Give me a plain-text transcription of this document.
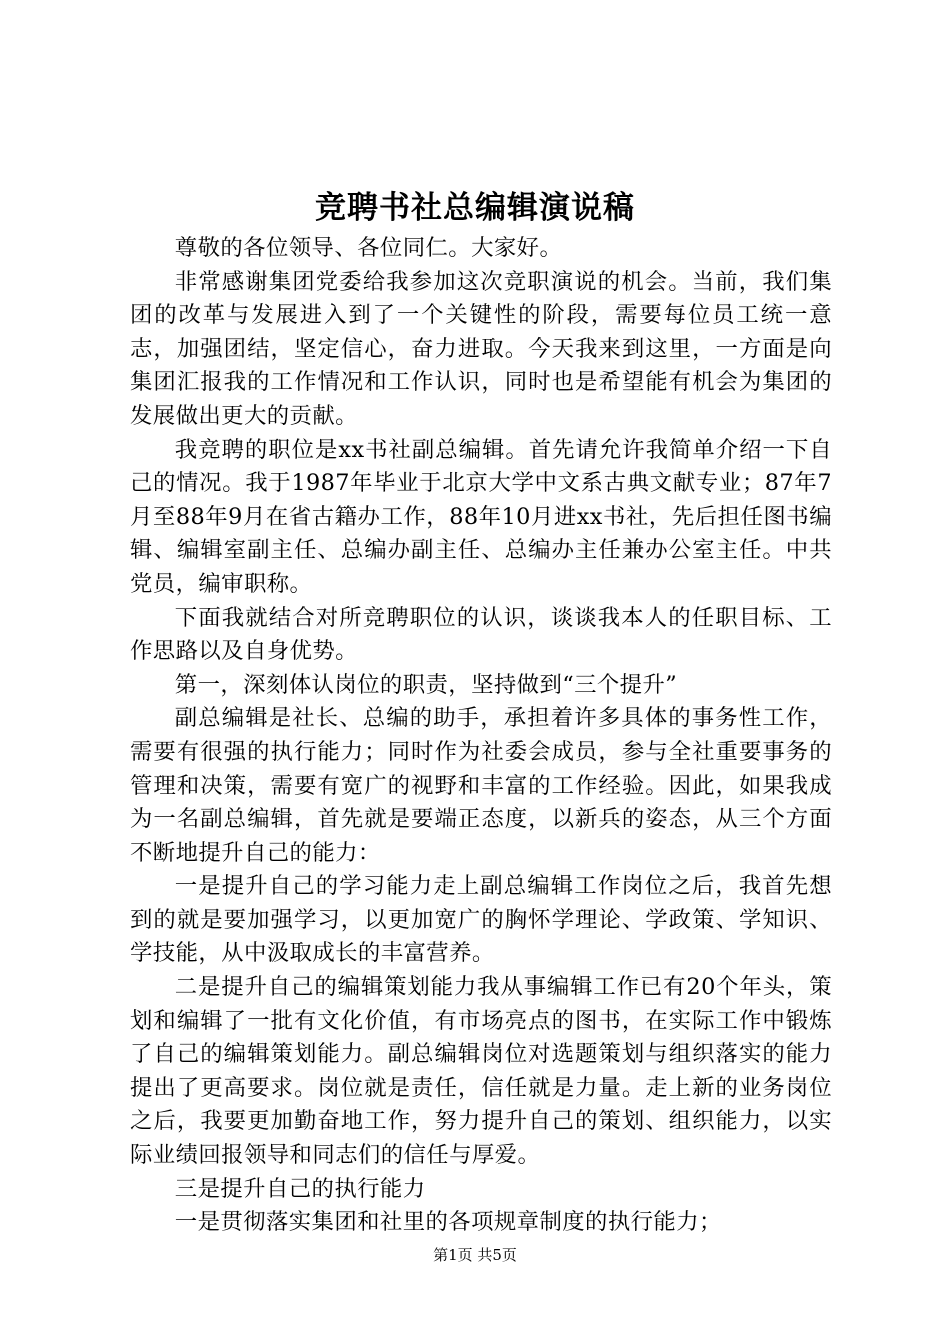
竞聘书社总编辑演说稿

尊敬的各位领导、各位同仁。大家好。

非常感谢集团党委给我参加这次竞职演说的机会。当前，我们集团的改革与发展进入到了一个关键性的阶段，需要每位员工统一意志，加强团结，坚定信心，奋力进取。今天我来到这里，一方面是向集团汇报我的工作情况和工作认识，同时也是希望能有机会为集团的发展做出更大的贡献。

我竞聘的职位是xx书社副总编辑。首先请允许我简单介绍一下自己的情况。我于1987年毕业于北京大学中文系古典文献专业；87年7月至88年9月在省古籍办工作，88年10月进xx书社，先后担任图书编辑、编辑室副主任、总编办副主任、总编办主任兼办公室主任。中共党员，编审职称。

下面我就结合对所竞聘职位的认识，谈谈我本人的任职目标、工作思路以及自身优势。

第一，深刻体认岗位的职责，坚持做到“三个提升”

副总编辑是社长、总编的助手，承担着许多具体的事务性工作，需要有很强的执行能力；同时作为社委会成员，参与全社重要事务的管理和决策，需要有宽广的视野和丰富的工作经验。因此，如果我成为一名副总编辑，首先就是要端正态度，以新兵的姿态，从三个方面不断地提升自己的能力：

一是提升自己的学习能力走上副总编辑工作岗位之后，我首先想到的就是要加强学习，以更加宽广的胸怀学理论、学政策、学知识、学技能，从中汲取成长的丰富营养。

二是提升自己的编辑策划能力我从事编辑工作已有20个年头，策划和编辑了一批有文化价值，有市场亮点的图书，在实际工作中锻炼了自己的编辑策划能力。副总编辑岗位对选题策划与组织落实的能力提出了更高要求。岗位就是责任，信任就是力量。走上新的业务岗位之后，我要更加勤奋地工作，努力提升自己的策划、组织能力，以实际业绩回报领导和同志们的信任与厚爱。

三是提升自己的执行能力

一是贯彻落实集团和社里的各项规章制度的执行能力；

第1页 共5页
